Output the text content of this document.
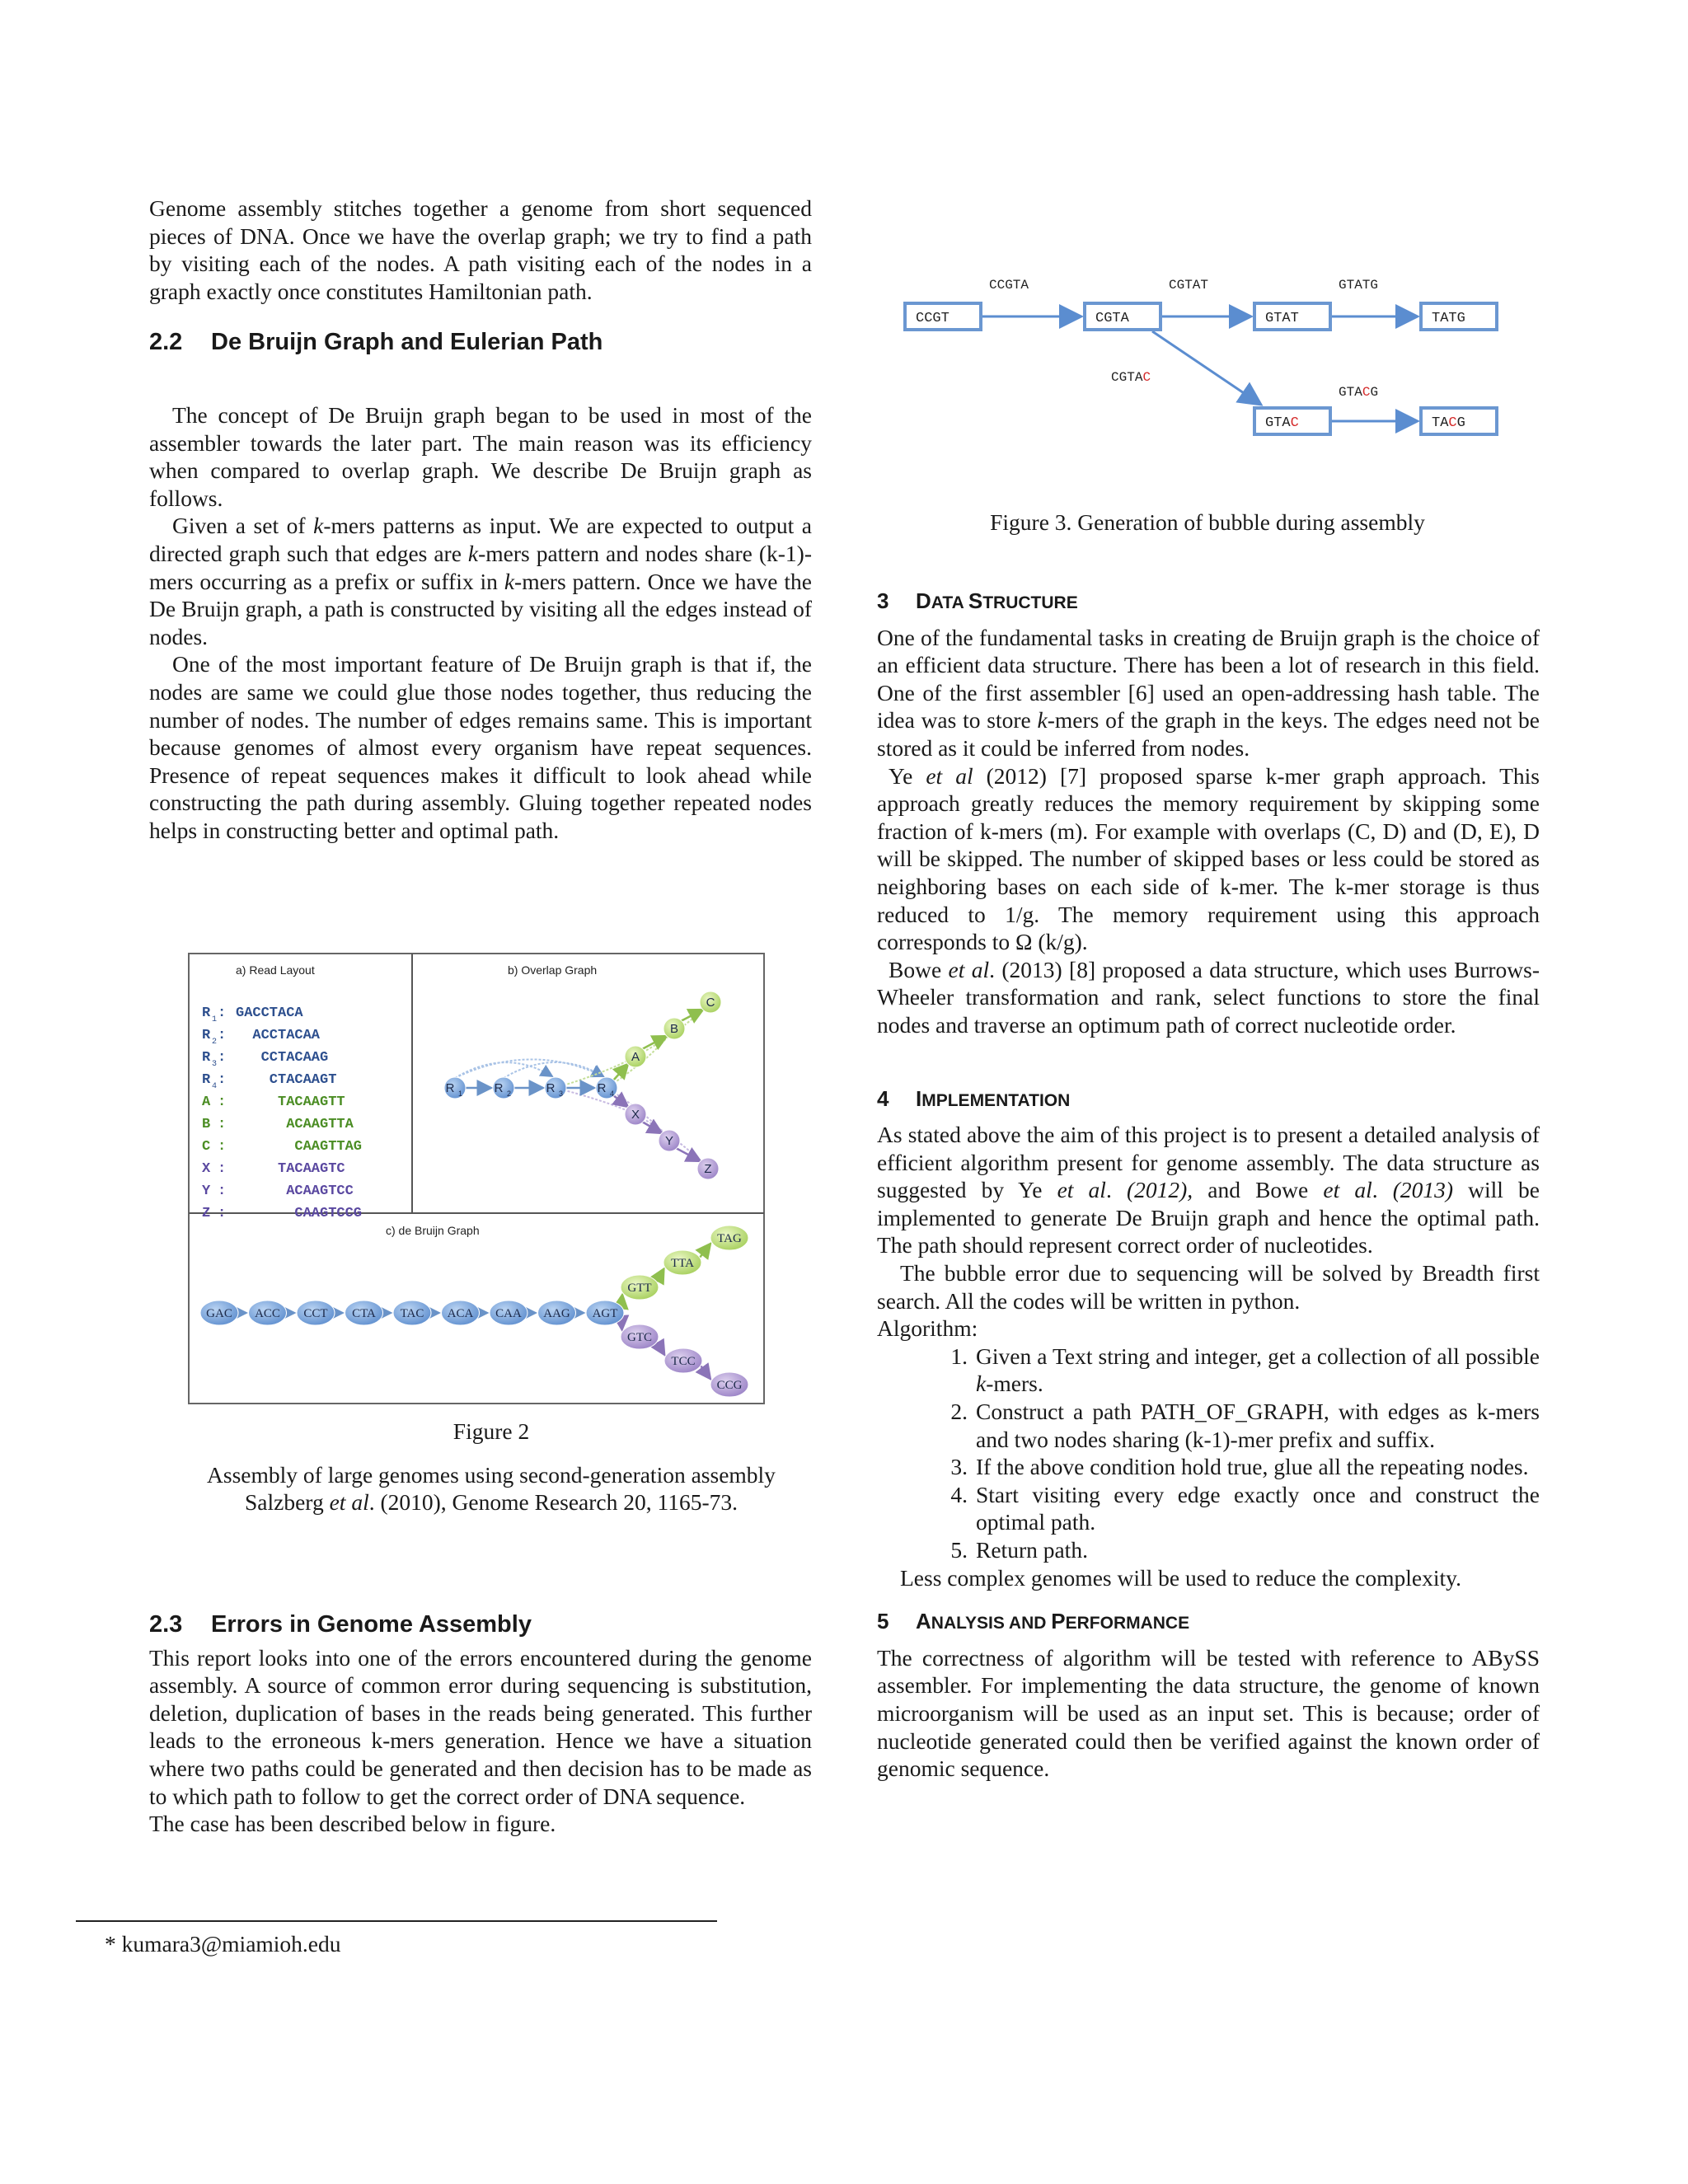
Genome assembly stitches together a genome from short sequenced pieces of DNA. Once we have the overlap graph; we try to find a path by visiting each of the nodes. A path visiting each of the nodes in a graph exactly once constitutes Hamiltonian path.

2.2 De Bruijn Graph and Eulerian Path

The concept of De Bruijn graph began to be used in most of the assembler towards the later part. The main reason was its efficiency when compared to overlap graph. We describe De Bruijn graph as follows.

Given a set of k-mers patterns as input. We are expected to output a directed graph such that edges are k-mers pattern and nodes share (k-1)-mers occurring as a prefix or suffix in k-mers pattern. Once we have the De Bruijn graph, a path is constructed by visiting all the edges instead of nodes.

One of the most important feature of De Bruijn graph is that if, the nodes are same we could glue those nodes together, thus reducing the number of nodes. The number of edges remains same. This is important because genomes of almost every organism have repeat sequences. Presence of repeat sequences makes it difficult to look ahead while constructing the path during assembly. Gluing together repeated nodes helps in constructing better and optimal path.

a) Read Layout	b) Overlap Graph
c) de Bruijn Graph
R 1 : GACCTACA
R 2 : ACCTACAA
R 3 : CCTACAAG
R 4 :	CTACAAGT
A :	TACAAGTT
B :	ACAAGTTA
C :	CAAGTTAG
X :	TACAAGTC
Y :	ACAAGTCC
Z :	CAAGTCCG
R 1	R 2	R 3	R 4
A
B
C
X
Y
Z
GAC ACC CCT CTA TAC ACA CAA AAG AGT
GTT
TTA
TAG
GTC
TCC
CCG

Figure 2

Assembly of large genomes using second-generation assembly
Salzberg et al. (2010), Genome Research 20, 1165-73.

2.3 Errors in Genome Assembly

This report looks into one of the errors encountered during the genome assembly. A source of common error during sequencing is substitution, deletion, duplication of bases in the reads being generated. This further leads to the erroneous k-mers generation. Hence we have a situation where two paths could be generated and then decision has to be made as to which path to follow to get the correct order of DNA sequence.

The case has been described below in figure.

* kumara3@miamioh.edu
CCGT	CGTA	GTAT	TATG
GTAC	TACG
CCGTA	CGTAT	GTATG
CGTAC
GTACG
Figure 3. Generation of bubble during assembly

3 DATA STRUCTURE

One of the fundamental tasks in creating de Bruijn graph is the choice of an efficient data structure. There has been a lot of research in this field. One of the first assembler [6] used an open-addressing hash table. The idea was to store k-mers of the graph in the keys. The edges need not be stored as it could be inferred from nodes.

Ye et al (2012) [7] proposed sparse k-mer graph approach. This approach greatly reduces the memory requirement by skipping some fraction of k-mers (m). For example with overlaps (C, D) and (D, E), D will be skipped. The number of skipped bases or less could be stored as neighboring bases on each side of k-mer. The k-mer storage is thus reduced to 1/g. The memory requirement using this approach corresponds to Ω (k/g).

Bowe et al. (2013) [8] proposed a data structure, which uses Burrows-Wheeler transformation and rank, select functions to store the final nodes and traverse an optimum path of correct nucleotide order.

4 IMPLEMENTATION

As stated above the aim of this project is to present a detailed analysis of efficient algorithm present for genome assembly. The data structure as suggested by Ye et al. (2012), and Bowe et al. (2013) will be implemented to generate De Bruijn graph and hence the optimal path. The path should represent correct order of nucleotides.

The bubble error due to sequencing will be solved by Breadth first search. All the codes will be written in python.

Algorithm:

1 . Given a Text string and integer, get a collection of all possible k-mers.
2 . Construct a path PATH_OF_GRAPH, with edges as k-mers and two nodes sharing (k-1)-mer prefix and suffix.
3 . If the above condition hold true, glue all the repeating nodes.
4 . Start visiting every edge exactly once and construct the optimal path.
5 . Return path.

Less complex genomes will be used to reduce the complexity.

5 ANALYSIS AND PERFORMANCE

The correctness of algorithm will be tested with reference to ABySS assembler. For implementing the data structure, the genome of known microorganism will be used as an input set. This is because; order of nucleotide generated could then be verified against the known order of genomic sequence.
